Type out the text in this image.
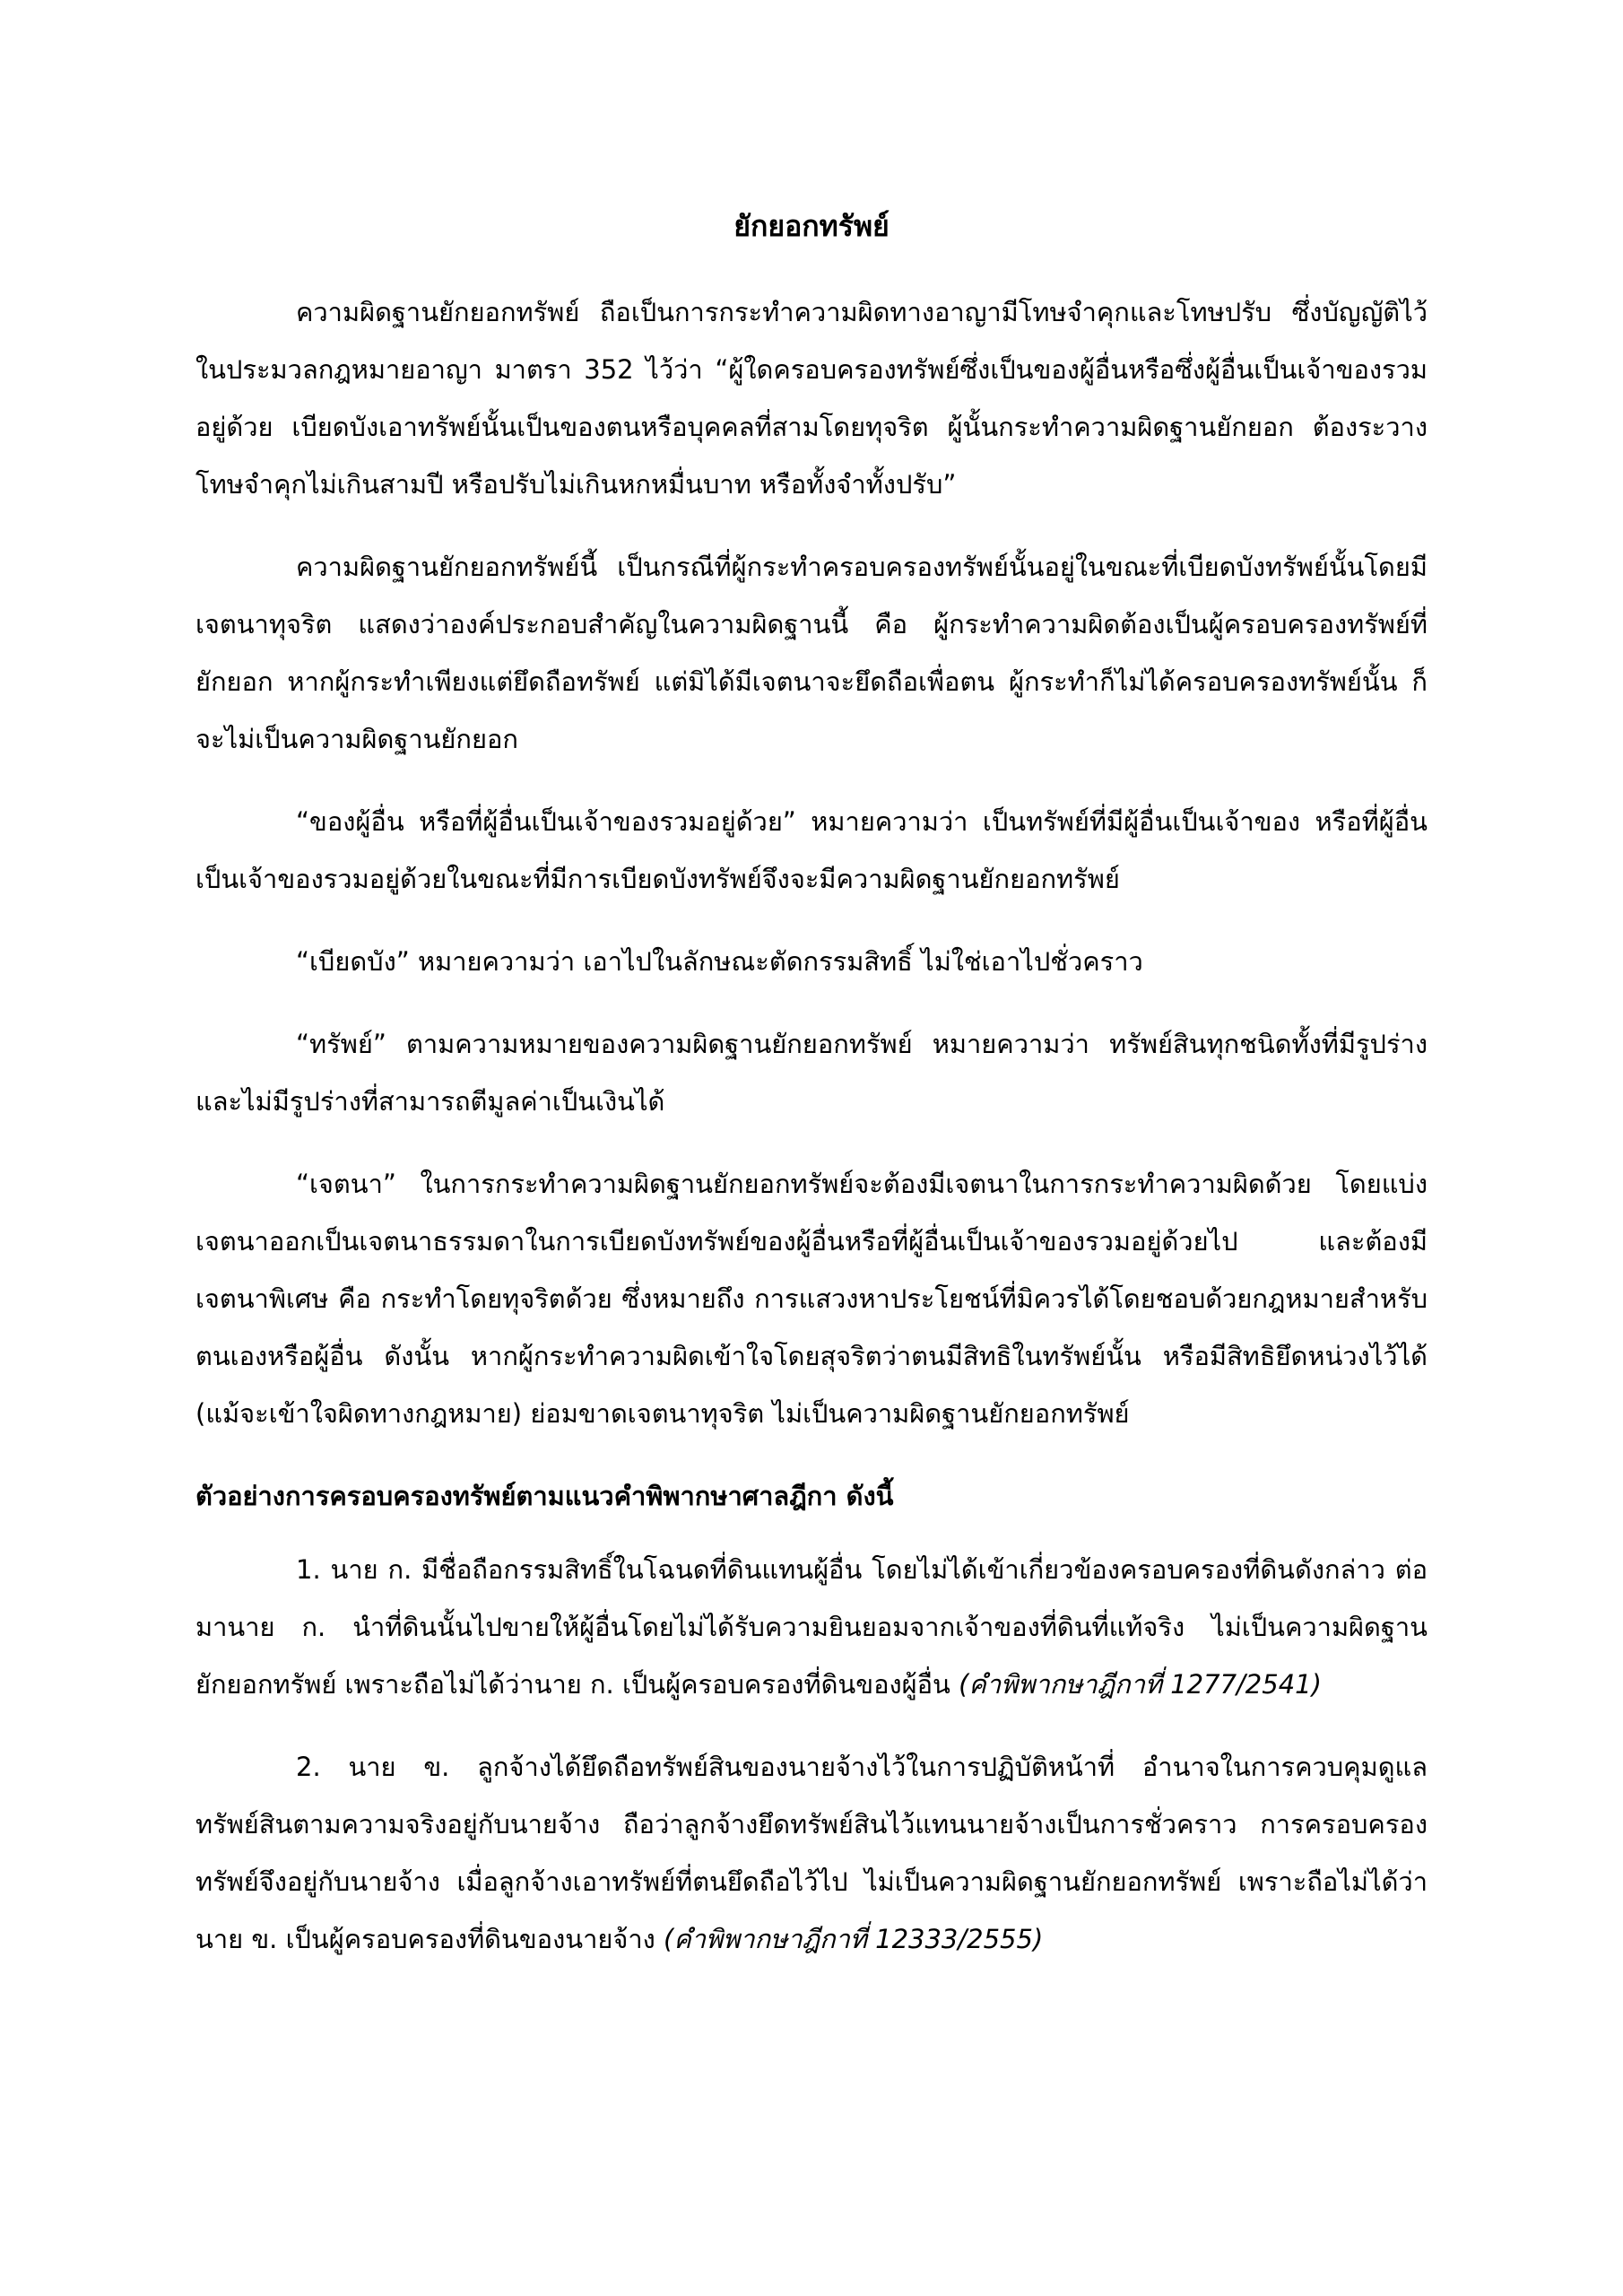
ยักยอกทรัพย์

ความผิดฐานยักยอกทรัพย์ ถือเป็นการกระทำความผิดทางอาญามีโทษจำคุกและโทษปรับ ซึ่งบัญญัติไว้ในประมวลกฎหมายอาญา มาตรา 352 ไว้ว่า “ผู้ใดครอบครองทรัพย์ซึ่งเป็นของผู้อื่นหรือซึ่งผู้อื่นเป็นเจ้าของรวมอยู่ด้วย เบียดบังเอาทรัพย์นั้นเป็นของตนหรือบุคคลที่สามโดยทุจริต ผู้นั้นกระทำความผิดฐานยักยอก ต้องระวางโทษจำคุกไม่เกินสามปี หรือปรับไม่เกินหกหมื่นบาท หรือทั้งจำทั้งปรับ”

ความผิดฐานยักยอกทรัพย์นี้ เป็นกรณีที่ผู้กระทำครอบครองทรัพย์นั้นอยู่ในขณะที่เบียดบังทรัพย์นั้นโดยมีเจตนาทุจริต แสดงว่าองค์ประกอบสำคัญในความผิดฐานนี้ คือ ผู้กระทำความผิดต้องเป็นผู้ครอบครองทรัพย์ที่ยักยอก หากผู้กระทำเพียงแต่ยึดถือทรัพย์ แต่มิได้มีเจตนาจะยึดถือเพื่อตน ผู้กระทำก็ไม่ได้ครอบครองทรัพย์นั้น ก็จะไม่เป็นความผิดฐานยักยอก

“ของผู้อื่น หรือที่ผู้อื่นเป็นเจ้าของรวมอยู่ด้วย” หมายความว่า เป็นทรัพย์ที่มีผู้อื่นเป็นเจ้าของ หรือที่ผู้อื่นเป็นเจ้าของรวมอยู่ด้วยในขณะที่มีการเบียดบังทรัพย์จึงจะมีความผิดฐานยักยอกทรัพย์

“เบียดบัง” หมายความว่า เอาไปในลักษณะตัดกรรมสิทธิ์ ไม่ใช่เอาไปชั่วคราว

“ทรัพย์” ตามความหมายของความผิดฐานยักยอกทรัพย์ หมายความว่า ทรัพย์สินทุกชนิดทั้งที่มีรูปร่างและไม่มีรูปร่างที่สามารถตีมูลค่าเป็นเงินได้

“เจตนา” ในการกระทำความผิดฐานยักยอกทรัพย์จะต้องมีเจตนาในการกระทำความผิดด้วย โดยแบ่งเจตนาออกเป็นเจตนาธรรมดาในการเบียดบังทรัพย์ของผู้อื่นหรือที่ผู้อื่นเป็นเจ้าของรวมอยู่ด้วยไป และต้องมีเจตนาพิเศษ คือ กระทำโดยทุจริตด้วย ซึ่งหมายถึง การแสวงหาประโยชน์ที่มิควรได้โดยชอบด้วยกฎหมายสำหรับตนเองหรือผู้อื่น ดังนั้น หากผู้กระทำความผิดเข้าใจโดยสุจริตว่าตนมีสิทธิในทรัพย์นั้น หรือมีสิทธิยึดหน่วงไว้ได้ (แม้จะเข้าใจผิดทางกฎหมาย) ย่อมขาดเจตนาทุจริต ไม่เป็นความผิดฐานยักยอกทรัพย์

ตัวอย่างการครอบครองทรัพย์ตามแนวคำพิพากษาศาลฎีกา ดังนี้

1. นาย ก. มีชื่อถือกรรมสิทธิ์ในโฉนดที่ดินแทนผู้อื่น โดยไม่ได้เข้าเกี่ยวข้องครอบครองที่ดินดังกล่าว ต่อมานาย ก. นำที่ดินนั้นไปขายให้ผู้อื่นโดยไม่ได้รับความยินยอมจากเจ้าของที่ดินที่แท้จริง ไม่เป็นความผิดฐานยักยอกทรัพย์ เพราะถือไม่ได้ว่านาย ก. เป็นผู้ครอบครองที่ดินของผู้อื่น (คำพิพากษาฎีกาที่ 1277/2541)

2. นาย ข. ลูกจ้างได้ยึดถือทรัพย์สินของนายจ้างไว้ในการปฏิบัติหน้าที่ อำนาจในการควบคุมดูแลทรัพย์สินตามความจริงอยู่กับนายจ้าง ถือว่าลูกจ้างยึดทรัพย์สินไว้แทนนายจ้างเป็นการชั่วคราว การครอบครองทรัพย์จึงอยู่กับนายจ้าง เมื่อลูกจ้างเอาทรัพย์ที่ตนยึดถือไว้ไป ไม่เป็นความผิดฐานยักยอกทรัพย์ เพราะถือไม่ได้ว่านาย ข. เป็นผู้ครอบครองที่ดินของนายจ้าง (คำพิพากษาฎีกาที่ 12333/2555)
